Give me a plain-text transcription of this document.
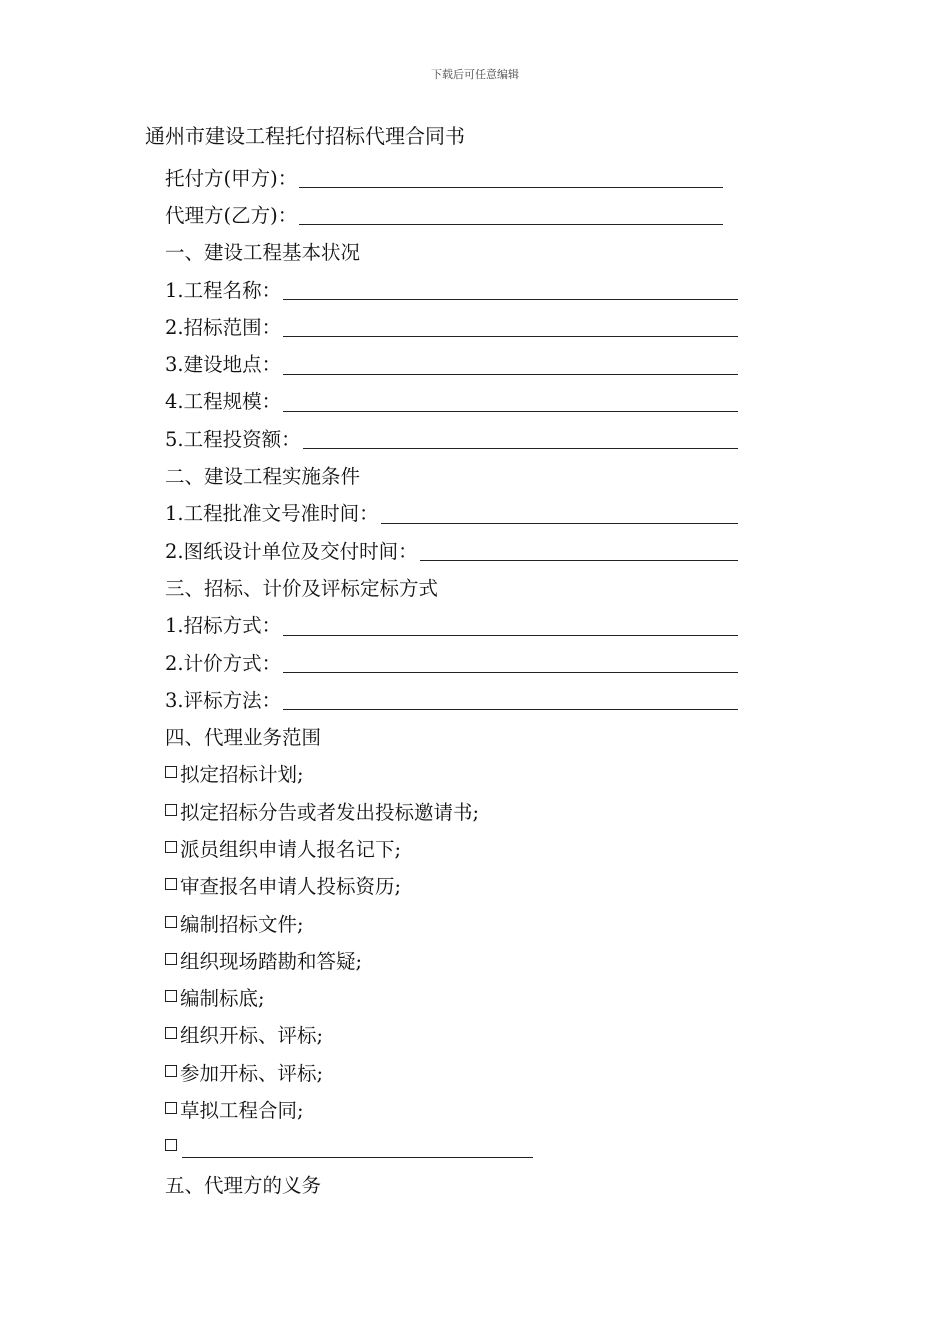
下载后可任意编辑
通州市建设工程托付招标代理合同书
托付方(甲方)：
代理方(乙方)：
一、建设工程基本状况
1.工程名称：
2.招标范围：
3.建设地点：
4.工程规模：
5.工程投资额：
二、建设工程实施条件
1.工程批准文号准时间：
2.图纸设计单位及交付时间：
三、招标、计价及评标定标方式
1.招标方式：
2.计价方式：
3.评标方法：
四、代理业务范围
拟定招标计划;
拟定招标分告或者发出投标邀请书;
派员组织申请人报名记下;
审查报名申请人投标资历;
编制招标文件;
组织现场踏勘和答疑;
编制标底;
组织开标、评标;
参加开标、评标;
草拟工程合同;
五、代理方的义务
